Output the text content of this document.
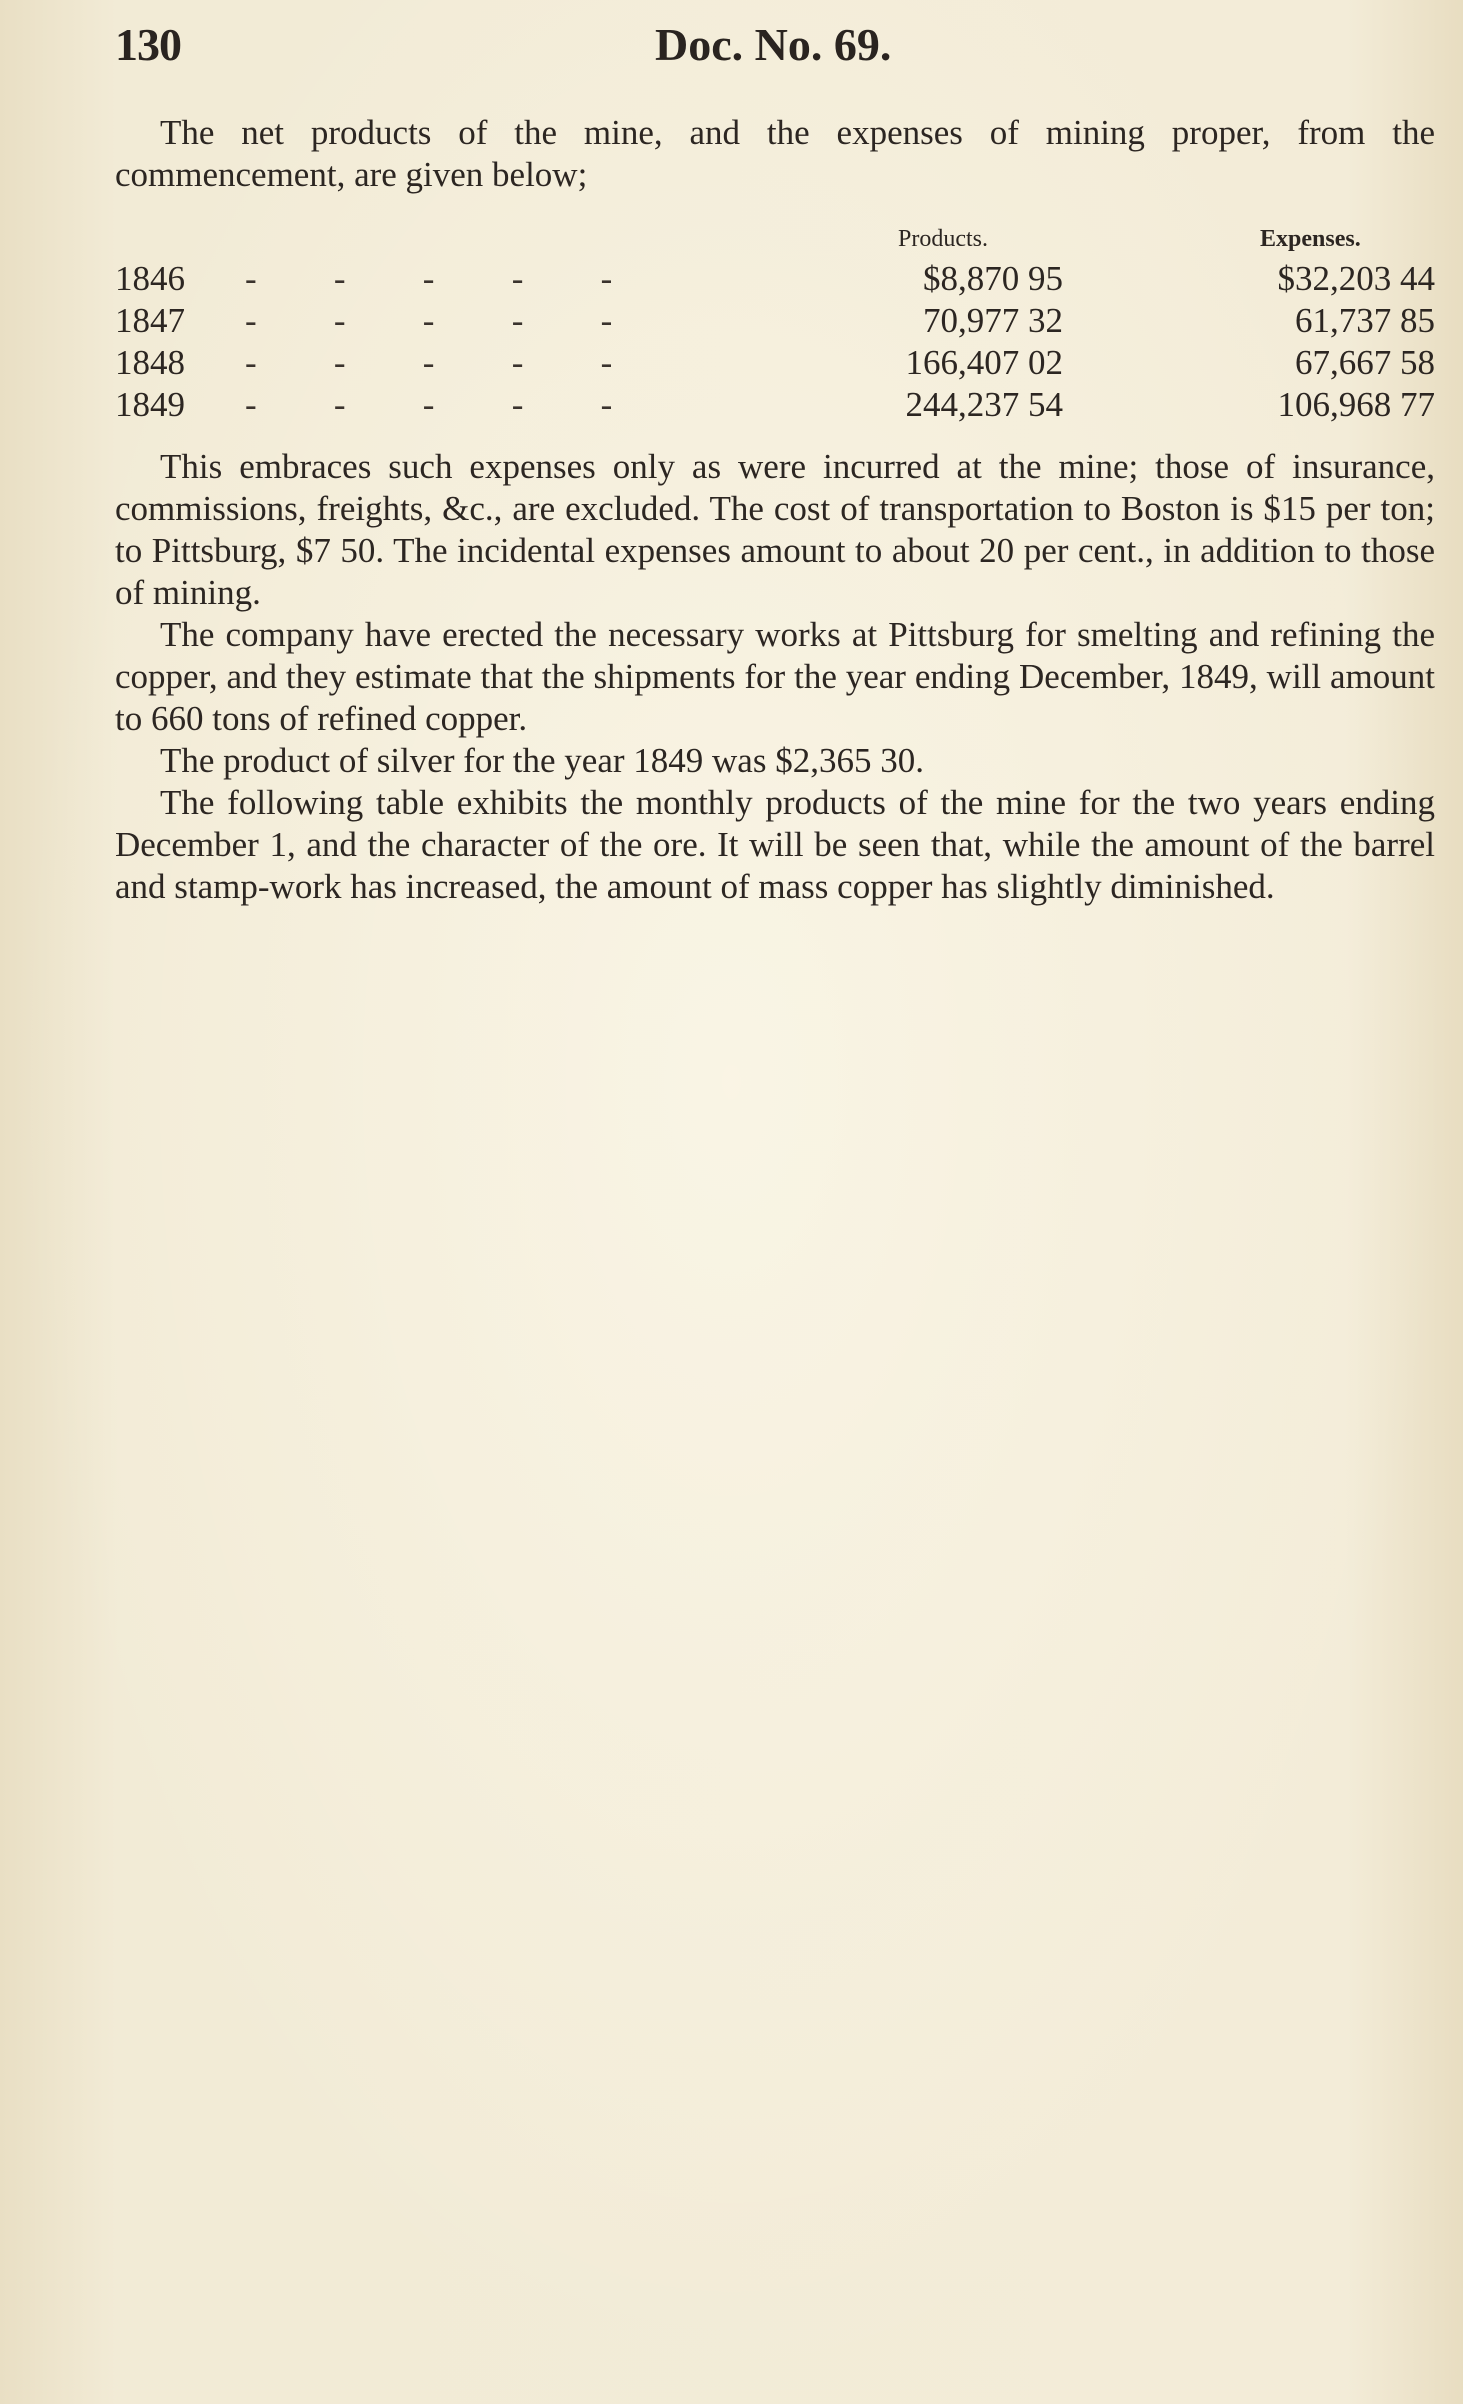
130	Doc. No. 69.

The net products of the mine, and the expenses of mining proper, from the commencement, are given below;

Products.	Expenses.
1846 -       -       -       -       -	$8,870 95	$32,203 44
1847 -       -       -       -       -	70,977 32	61,737 85
1848 -       -       -       -       -	166,407 02	67,667 58
1849 -       -       -       -       -	244,237 54	106,968 77

This embraces such expenses only as were incurred at the mine; those of insurance, commissions, freights, &c., are excluded. The cost of transportation to Boston is $15 per ton; to Pittsburg, $7 50. The incidental expenses amount to about 20 per cent., in addition to those of mining.

The company have erected the necessary works at Pittsburg for smelting and refining the copper, and they estimate that the shipments for the year ending December, 1849, will amount to 660 tons of refined copper.

The product of silver for the year 1849 was $2,365 30.

The following table exhibits the monthly products of the mine for the two years ending December 1, and the character of the ore. It will be seen that, while the amount of the barrel and stamp-work has increased, the amount of mass copper has slightly diminished.
